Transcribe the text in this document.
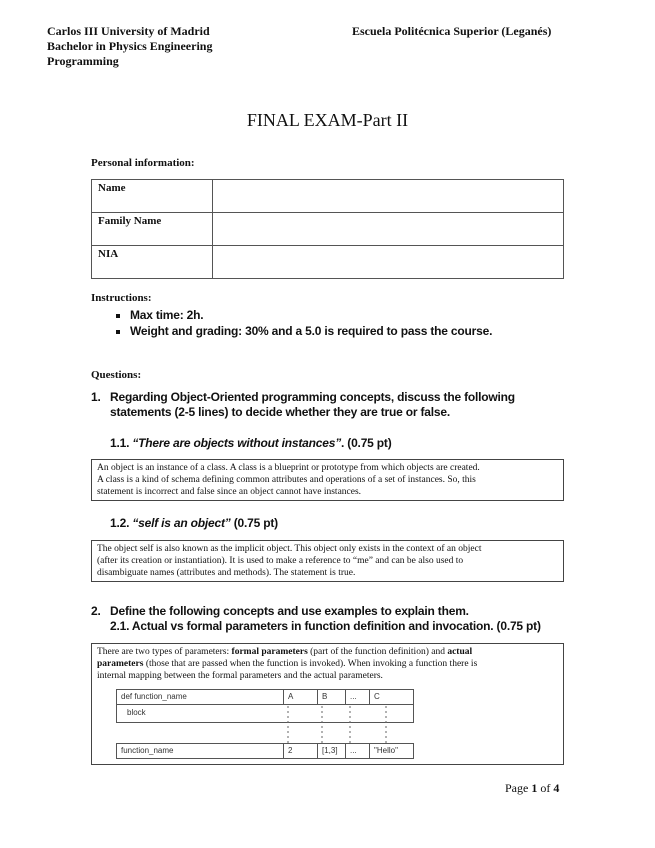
Carlos III University of Madrid
Bachelor in Physics Engineering
Programming
Escuela Politécnica Superior (Leganés)
FINAL EXAM-Part II
Personal information:
Name	
Family Name	
NIA	
Instructions:
▪ Max time: 2h.
▪ Weight and grading: 30% and a 5.0 is required to pass the course.
Questions:
1. Regarding Object-Oriented programming concepts, discuss the following
statements (2-5 lines) to decide whether they are true or false.
1.1. “There are objects without instances”. (0.75 pt)
An object is an instance of a class. A class is a blueprint or prototype from which objects are created.
A class is a kind of schema defining common attributes and operations of a set of instances. So, this
statement is incorrect and false since an object cannot have instances.
1.2. “self is an object” (0.75 pt)
The object self is also known as the implicit object. This object only exists in the context of an object
(after its creation or instantiation). It is used to make a reference to “me” and can be also used to
disambiguate names (attributes and methods). The statement is true.
2. Define the following concepts and use examples to explain them.
2.1. Actual vs formal parameters in function definition and invocation. (0.75 pt)
There are two types of parameters: formal parameters (part of the function definition) and actual
parameters (those that are passed when the function is invoked). When invoking a function there is
internal mapping between the formal parameters and the actual parameters.
def function_name	A	B	...	C
block
function_name	2	[1,3]	...	"Hello"
Page 1 of 4
